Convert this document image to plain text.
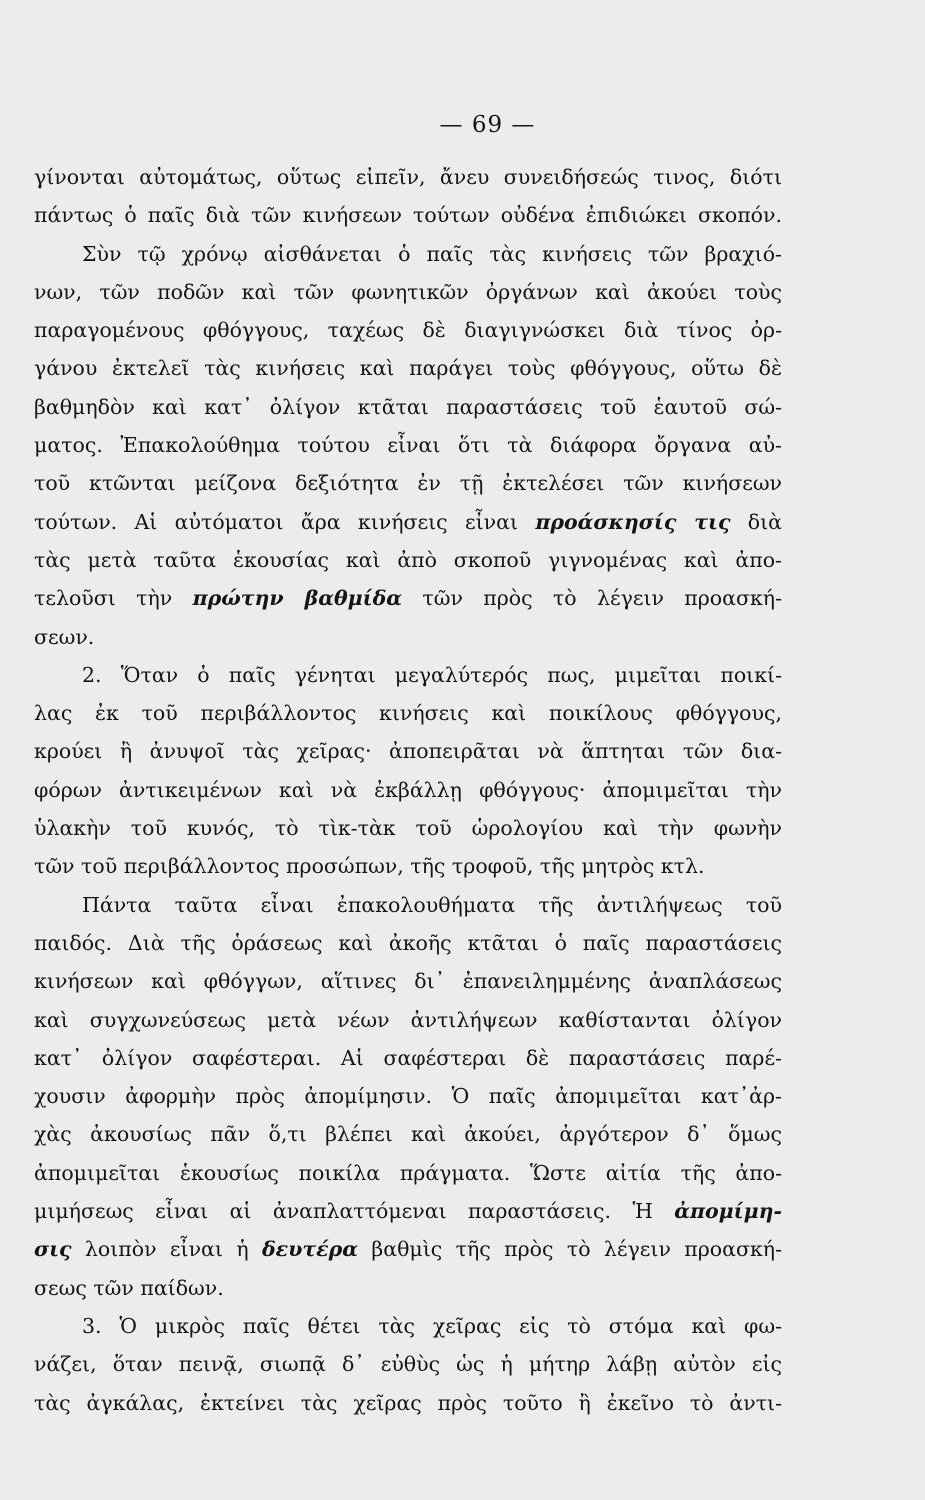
— 69 —
γίνονται αὐτομάτως, οὕτως εἰπεῖν, ἄνευ συνειδήσεώς τινος, διότι
πάντως ὁ παῖς διὰ τῶν κινήσεων τούτων οὐδένα ἐπιδιώκει σκοπόν.
Σὺν τῷ χρόνῳ αἰσθάνεται ὁ παῖς τὰς κινήσεις τῶν βραχιό-
νων, τῶν ποδῶν καὶ τῶν φωνητικῶν ὀργάνων καὶ ἀκούει τοὺς
παραγομένους φθόγγους, ταχέως δὲ διαγιγνώσκει διὰ τίνος ὀρ-
γάνου ἐκτελεῖ τὰς κινήσεις καὶ παράγει τοὺς φθόγγους, οὕτω δὲ
βαθμηδὸν καὶ κατ᾿ ὀλίγον κτᾶται παραστάσεις τοῦ ἑαυτοῦ σώ-
ματος. Ἐπακολούθημα τούτου εἶναι ὅτι τὰ διάφορα ὄργανα αὐ-
τοῦ κτῶνται μείζονα δεξιότητα ἐν τῇ ἐκτελέσει τῶν κινήσεων
τούτων. Αἱ αὐτόματοι ἄρα κινήσεις εἶναι προάσκησίς τις διὰ
τὰς μετὰ ταῦτα ἑκουσίας καὶ ἀπὸ σκοποῦ γιγνομένας καὶ ἀπο-
τελοῦσι τὴν πρώτην βαθμίδα τῶν πρὸς τὸ λέγειν προασκή-
σεων.
2. Ὅταν ὁ παῖς γένηται μεγαλύτερός πως, μιμεῖται ποικί-
λας ἐκ τοῦ περιβάλλοντος κινήσεις καὶ ποικίλους φθόγγους,
κρούει ἢ ἀνυψοῖ τὰς χεῖρας· ἀποπειρᾶται νὰ ἅπτηται τῶν δια-
φόρων ἀντικειμένων καὶ νὰ ἐκβάλλῃ φθόγγους· ἀπομιμεῖται τὴν
ὑλακὴν τοῦ κυνός, τὸ τὶκ-τὰκ τοῦ ὡρολογίου καὶ τὴν φωνὴν
τῶν τοῦ περιβάλλοντος προσώπων, τῆς τροφοῦ, τῆς μητρὸς κτλ.
Πάντα ταῦτα εἶναι ἐπακολουθήματα τῆς ἀντιλήψεως τοῦ
παιδός. Διὰ τῆς ὁράσεως καὶ ἀκοῆς κτᾶται ὁ παῖς παραστάσεις
κινήσεων καὶ φθόγγων, αἵτινες δι᾿ ἐπανειλημμένης ἀναπλάσεως
καὶ συγχωνεύσεως μετὰ νέων ἀντιλήψεων καθίστανται ὀλίγον
κατ᾿ ὀλίγον σαφέστεραι. Αἱ σαφέστεραι δὲ παραστάσεις παρέ-
χουσιν ἀφορμὴν πρὸς ἀπομίμησιν. Ὁ παῖς ἀπομιμεῖται κατ᾿ἀρ-
χὰς ἀκουσίως πᾶν ὅ,τι βλέπει καὶ ἀκούει, ἀργότερον δ᾿ ὅμως
ἀπομιμεῖται ἑκουσίως ποικίλα πράγματα. Ὥστε αἰτία τῆς ἀπο-
μιμήσεως εἶναι αἱ ἀναπλαττόμεναι παραστάσεις. Ἡ ἀπομίμη-
σις λοιπὸν εἶναι ἡ δευτέρα βαθμὶς τῆς πρὸς τὸ λέγειν προασκή-
σεως τῶν παίδων.
3. Ὁ μικρὸς παῖς θέτει τὰς χεῖρας εἰς τὸ στόμα καὶ φω-
νάζει, ὅταν πεινᾷ, σιωπᾷ δ᾿ εὐθὺς ὡς ἡ μήτηρ λάβῃ αὐτὸν εἰς
τὰς ἀγκάλας, ἐκτείνει τὰς χεῖρας πρὸς τοῦτο ἢ ἐκεῖνο τὸ ἀντι-
